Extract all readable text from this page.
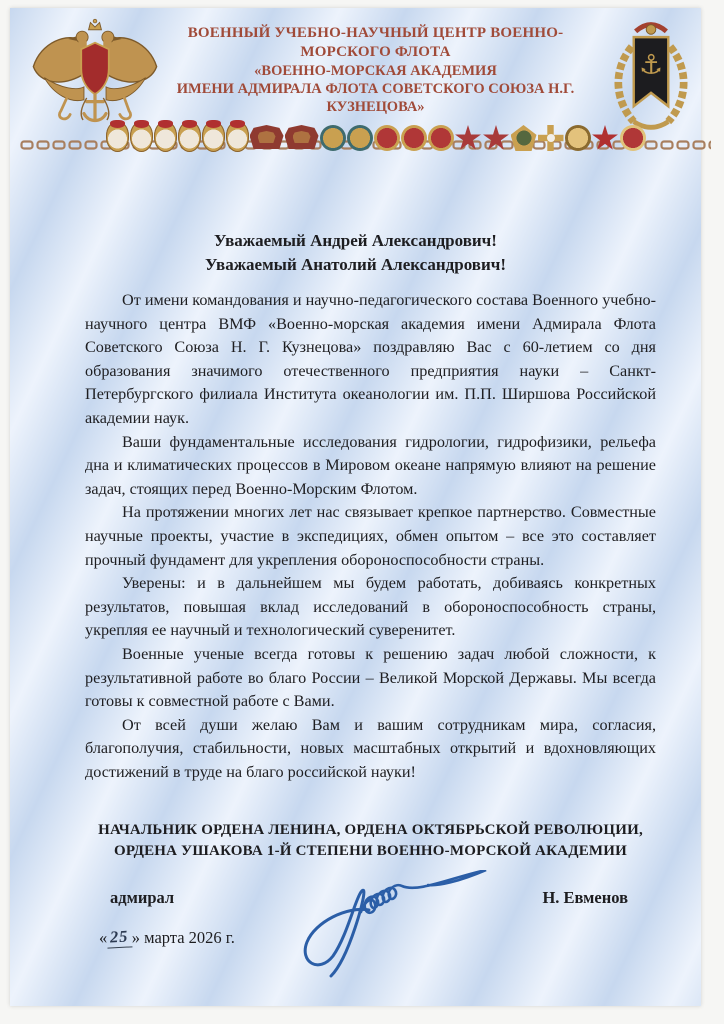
⚓
ВОЕННЫЙ УЧЕБНО-НАУЧНЫЙ ЦЕНТР ВОЕННО-МОРСКОГО ФЛОТА
«ВОЕННО-МОРСКАЯ АКАДЕМИЯ
ИМЕНИ АДМИРАЛА ФЛОТА СОВЕТСКОГО СОЮЗА Н.Г. КУЗНЕЦОВА»
Уважаемый Андрей Александрович!
Уважаемый Анатолий Александрович!

От имени командования и научно-педагогического состава Военного учебно-научного центра ВМФ «Военно-морская академия имени Адмирала Флота Советского Союза Н. Г. Кузнецова» поздравляю Вас с 60-летием со дня образования значимого отечественного предприятия науки – Санкт-Петербургского филиала Института океанологии им. П.П. Ширшова Российской академии наук.

Ваши фундаментальные исследования гидрологии, гидрофизики, рельефа дна и климатических процессов в Мировом океане напрямую влияют на решение задач, стоящих перед Военно-Морским Флотом.

На протяжении многих лет нас связывает крепкое партнерство. Совместные научные проекты, участие в экспедициях, обмен опытом – все это составляет прочный фундамент для укрепления обороноспособности страны.

Уверены: и в дальнейшем мы будем работать, добиваясь конкретных результатов, повышая вклад исследований в обороноспособность страны, укрепляя ее научный и технологический суверенитет.

Военные ученые всегда готовы к решению задач любой сложности, к результативной работе во благо России – Великой Морской Державы. Мы всегда готовы к совместной работе с Вами.

От всей души желаю Вам и вашим сотрудникам мира, согласия, благополучия, стабильности, новых масштабных открытий и вдохновляющих достижений в труде на благо российской науки!

НАЧАЛЬНИК ОРДЕНА ЛЕНИНА, ОРДЕНА ОКТЯБРЬСКОЙ РЕВОЛЮЦИИ,
ОРДЕНА УШАКОВА 1-Й СТЕПЕНИ ВОЕННО-МОРСКОЙ АКАДЕМИИ
адмирал	Н. Евменов
« 25 » марта 2026 г.
